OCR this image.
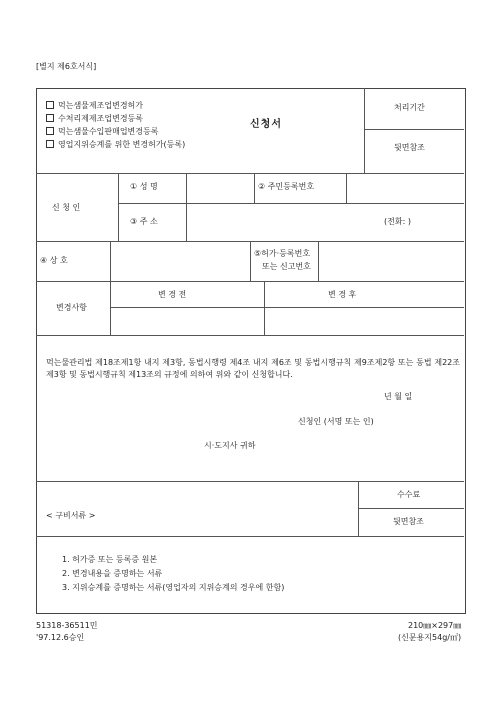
[별지 제6호서식]
먹는샘물제조업변경허가
수처리제제조업변경등록
먹는샘물수입판매업변경등록
영업지위승계를 위한 변경허가(등록)
신청서
처리기간
뒷면참조
신 청 인
① 성 명	② 주민등록번호
③ 주 소	(전화: )
④ 상 호
⑤허가·등록번호
또는 신고번호
변경사항
변 경 전	변 경 후
먹는물관리법 제18조제1항 내지 제3항, 동법시행령 제4조 내지 제6조 및 동법시행규칙 제9조제2항 또는 동법 제22조제3항 및 동법시행규칙 제13조의 규정에 의하여 위와 같이 신청합니다.
년 월 일
신청인 (서명 또는 인)
시·도지사 귀하
< 구비서류 >
수수료
뒷면참조
1. 허가증 또는 등록증 원본
2. 변경내용을 증명하는 서류
3. 지위승계를 증명하는 서류(영업자의 지위승계의 경우에 한함)
51318-36511민
'97.12.6승인
210㎜×297㎜
(신문용지54g/㎡)
